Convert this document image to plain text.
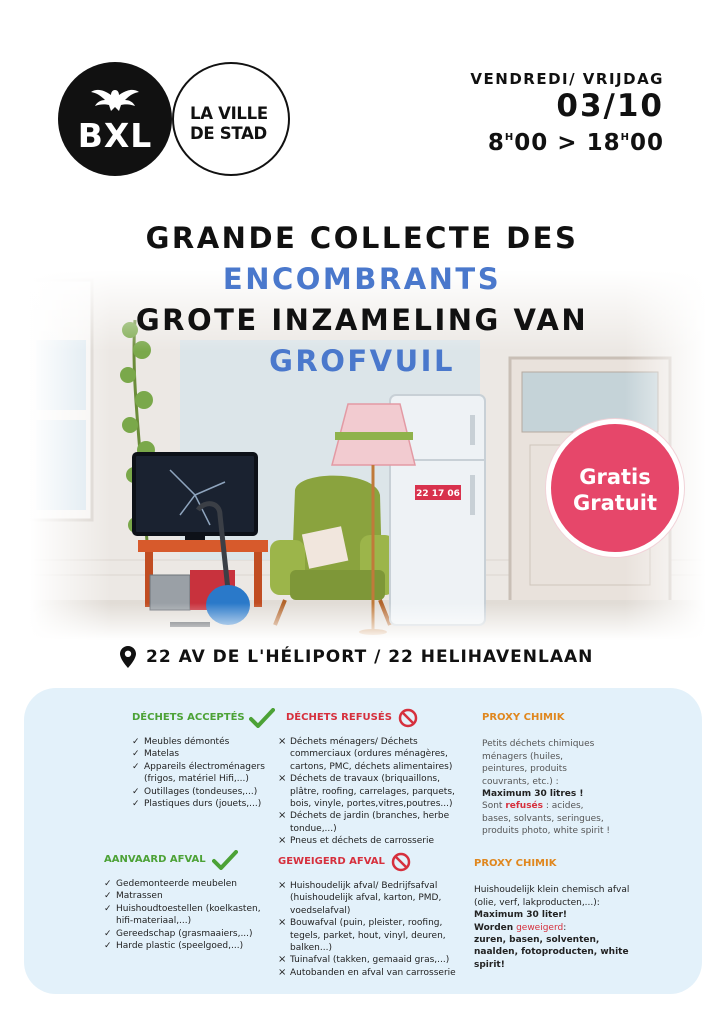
BXL
LA VILLE
DE STAD
VENDREDI/ VRIJDAG
03/10
$8^H00 > 18^H00$
GRANDE COLLECTE DES
ENCOMBRANTS
GROTE INZAMELING VAN
GROFVUIL
Gratis
Gratuit
22 AV DE L'HÉLIPORT / 22 HELIHAVENLAAN
DÉCHETS ACCEPTÉS
✓ Meubles démontés
✓ Matelas
✓ Appareils électroménagers (frigos, matériel Hifi,...)
✓ Outillages (tondeuses,...)
✓ Plastiques durs (jouets,...)
DÉCHETS REFUSÉS
× Déchets ménagers/ Déchets commerciaux (ordures ménagères, cartons, PMC, déchets alimentaires)
× Déchets de travaux (briquaillons, plâtre, roofing, carrelages, parquets, bois, vinyle, portes,vitres,poutres...)
× Déchets de jardin (branches, herbe tondue,...)
× Pneus et déchets de carrosserie
PROXY CHIMIK

Petits déchets chimiques ménagers (huiles, peintures, produits couvrants, etc.) :

Maximum 30 litres !

Sont refusés : acides, bases, solvants, seringues, produits photo, white spirit !

AANVAARD AFVAL
✓ Gedemonteerde meubelen
✓ Matrassen
✓ Huishoudtoestellen (koelkasten, hifi-materiaal,...)
✓ Gereedschap (grasmaaiers,...)
✓ Harde plastic (speelgoed,...)
GEWEIGERD AFVAL
× Huishoudelijk afval/ Bedrijfsafval (huishoudelijk afval, karton, PMD, voedselafval)
× Bouwafval (puin, pleister, roofing, tegels, parket, hout, vinyl, deuren, balken...)
× Tuinafval (takken, gemaaid gras,...)
× Autobanden en afval van carrosserie
PROXY CHIMIK

Huishoudelijk klein chemisch afval (olie, verf, lakproducten,...):

Maximum 30 liter!

Worden geweigerd:

zuren, basen, solventen, naalden, fotoproducten, white spirit!
